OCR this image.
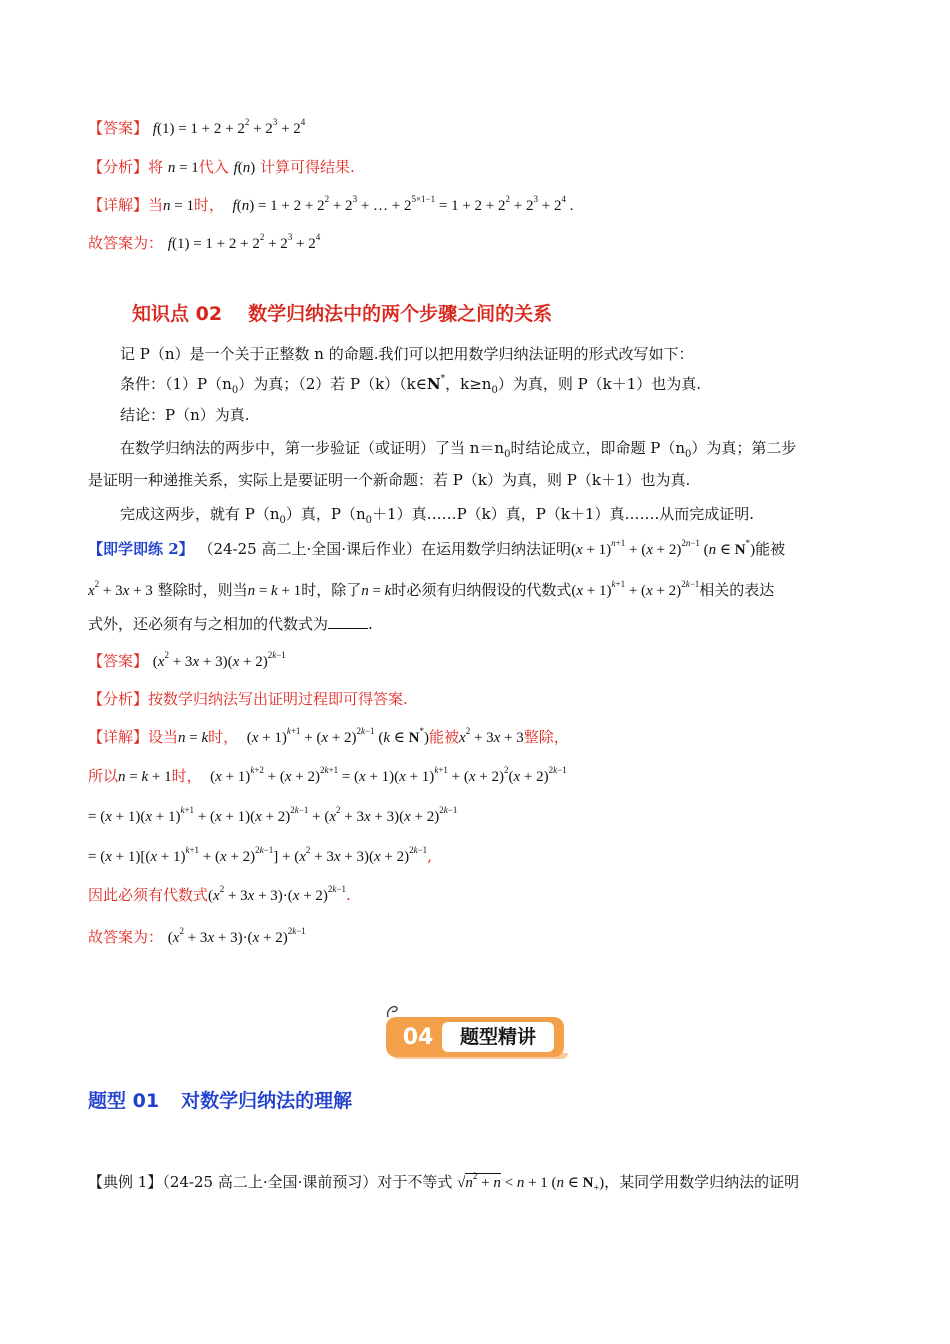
【答案】 $f(1) = 1 + 2 + 2^2 + 2^3 + 2^4$
【分析】将 n = 1代入 f(n) 计算可得结果.
【详解】当n = 1时， $f(n) = 1 + 2 + 2^2 + 2^3$ + … + $2^{5\times 1-1} = 1 + 2 + 2^2 + 2^3 + 2^4$ .
故答案为： $f(1) = 1 + 2 + 2^2 + 2^3 + 2^4$
知识点 02 数学归纳法中的两个步骤之间的关系
记 P（n）是一个关于正整数 n 的命题.我们可以把用数学归纳法证明的形式改写如下：
条件：$(1)P(n_0)$为真；（2）若 P（k）（k∈N*，$k\ge n_0$）为真，则 P（k＋1）也为真.
结论：P（n）为真.
在数学归纳法的两步中，第一步验证（或证明）了当 $n=n_0$时结论成立，即命题 $P(n_0)$为真；第二步
是证明一种递推关系，实际上是要证明一个新命题：若 P（k）为真，则 P（k＋1）也为真.
完成这两步，就有 $P(n_0)$真，$P(n_0+1)$真……P（k）真，P（k＋1）真…….从而完成证明.
【即学即练 2】 （24-25 高二上·全国·课后作业）在运用数学归纳法证明$(x + 1)^{n+1} + (x + 2)^{2n-1}$ (n ∈ N*)能被
$x^2 + 3x + 3$ 整除时，则当n = k + 1时，除了n = k时必须有归纳假设的代数式$(x + 1)^{k+1} + (x + 2)^{2k-1}$相关的表达
式外，还必须有与之相加的代数式为	.
【答案】 $(x^2 + 3x + 3)(x + 2)^{2k-1}$
【分析】按数学归纳法写出证明过程即可得答案.
【详解】设当n = k时，  $(x + 1)^{k+1} + (x + 2)^{2k-1}$ (k ∈ N*)能被$x^2 + 3x + 3$整除，
所以n = k + 1时，  $(x + 1)^{k+2} + (x + 2)^{2k+1} = (x + 1)(x + 1)^{k+1} + (x + 2)^2(x + 2)^{2k-1}$
= $(x + 1)(x + 1)^{k+1} + (x + 1)(x + 2)^{2k-1} + (x^2 + 3x + 3)(x + 2)^{2k-1}$
= $(x + 1)[(x + 1)^{k+1} + (x + 2)^{2k-1}] + (x^2 + 3x + 3)(x + 2)^{2k-1}$,
因此必须有代数式$(x^2 + 3x + 3)\cdot(x + 2)^{2k-1}$.
故答案为： $(x^2 + 3x + 3)\cdot(x + 2)^{2k-1}$
04	题型精讲
题型 01 对数学归纳法的理解
【典例 1】（24-25 高二上·全国·课前预习）对于不等式 $√n^2 + n < n + 1$ (n ∈ $N_+$)，某同学用数学归纳法的证明
